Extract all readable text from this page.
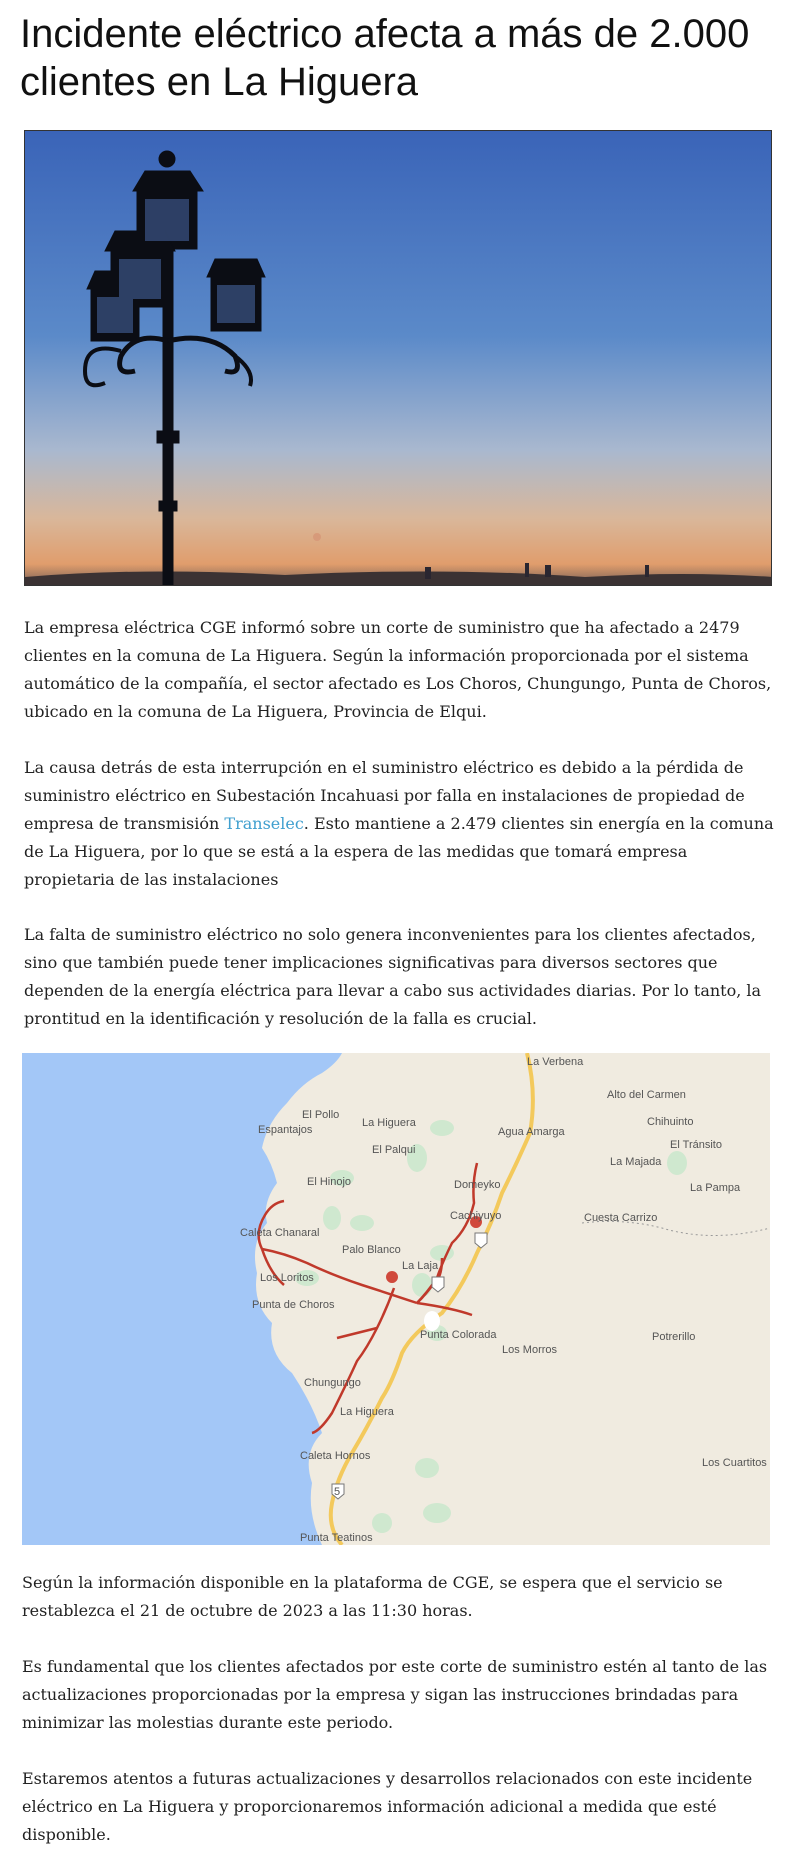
Incidente eléctrico afecta a más de 2.000 clientes en La Higuera

La empresa eléctrica CGE informó sobre un corte de suministro que ha afectado a 2479 clientes en la comuna de La Higuera. Según la información proporcionada por el sistema automático de la compañía, el sector afectado es Los Choros, Chungungo, Punta de Choros, ubicado en la comuna de La Higuera, Provincia de Elqui.

La causa detrás de esta interrupción en el suministro eléctrico es debido a la pérdida de suministro eléctrico en Subestación Incahuasi por falla en instalaciones de propiedad de empresa de transmisión Transelec. Esto mantiene a 2.479 clientes sin energía en la comuna de La Higuera, por lo que se está a la espera de las medidas que tomará empresa propietaria de las instalaciones

La falta de suministro eléctrico no solo genera inconvenientes para los clientes afectados, sino que también puede tener implicaciones significativas para diversos sectores que dependen de la energía eléctrica para llevar a cabo sus actividades diarias. Por lo tanto, la prontitud en la identificación y resolución de la falla es crucial.

5
La Verbena
Alto del Carmen
Chihuinto
El Tránsito
La Majada
La Pampa
El Pollo
La Higuera
Espantajos
El Palqui
Agua Amarga
El Hinojo	Domeyko
Cachiyuyo	Cuesta Carrizo
Caleta Chanaral
Palo Blanco
La Laja
Los Loritos
Punta de Choros
Punta Colorada
Los Morros
Potrerillo
Chungungo
La Higuera
Caleta Hornos
Los Cuartitos
Punta Teatinos

Según la información disponible en la plataforma de CGE, se espera que el servicio se restablezca el 21 de octubre de 2023 a las 11:30 horas.

Es fundamental que los clientes afectados por este corte de suministro estén al tanto de las actualizaciones proporcionadas por la empresa y sigan las instrucciones brindadas para minimizar las molestias durante este periodo.

Estaremos atentos a futuras actualizaciones y desarrollos relacionados con este incidente eléctrico en La Higuera y proporcionaremos información adicional a medida que esté disponible.
